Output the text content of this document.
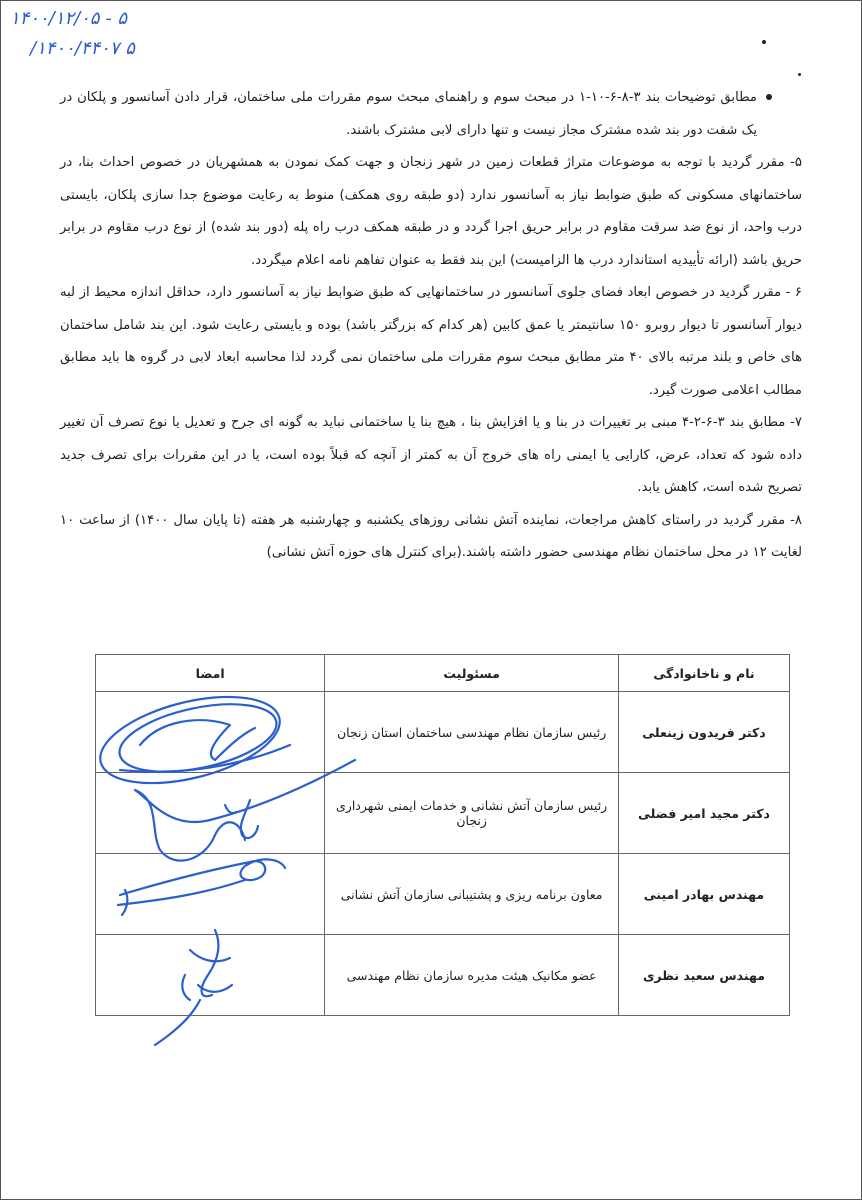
۱۴۰۰/۱۲/۰۵ - ۵
/۱۴۰۰/۴۴۰۷ ۵

مطابق توضیحات بند ۳-۸-۶-۱۰-۱ در مبحث سوم و راهنمای مبحث سوم مقررات ملی ساختمان، قرار دادن آسانسور و پلکان در یک شفت دور بند شده مشترک مجاز نیست و تنها دارای لابی مشترک باشند.

۵- مقرر گردید با توجه به موضوعات متراژ قطعات زمین در شهر زنجان و جهت کمک نمودن به همشهریان در خصوص احداث بنا، در ساختمانهای مسکونی که طبق ضوابط نیاز به آسانسور ندارد (دو طبقه روی همکف) منوط به رعایت موضوع جدا سازی پلکان، بایستی درب واحد، از نوع ضد سرقت مقاوم در برابر حریق اجرا گردد و در طبقه همکف درب راه پله (دور بند شده) از نوع درب مقاوم در برابر حریق باشد (ارائه تأییدیه استاندارد درب ها الزامیست) این بند فقط به عنوان تفاهم نامه اعلام میگردد.

۶ - مقرر گردید در خصوص ابعاد فضای جلوی آسانسور در ساختمانهایی که طبق ضوابط نیاز به آسانسور دارد، حداقل اندازه محیط از لبه دیوار آسانسور تا دیوار روبرو ۱۵۰ سانتیمتر یا عمق کابین (هر کدام که بزرگتر باشد) بوده و بایستی رعایت شود. این بند شامل ساختمان های خاص و بلند مرتبه بالای ۴۰ متر مطابق مبحث سوم مقررات ملی ساختمان نمی گردد لذا محاسبه ابعاد لابی در گروه ها باید مطابق مطالب اعلامی صورت گیرد.

۷- مطابق بند ۳-۶-۲-۴ مبنی بر تغییرات در بنا و یا افزایش بنا ، هیچ بنا یا ساختمانی نباید به گونه ای جرح و تعدیل یا نوع تصرف آن تغییر داده شود که تعداد، عرض، کارایی یا ایمنی راه های خروج آن به کمتر از آنچه که قبلاً بوده است، یا در این مقررات برای تصرف جدید تصریح شده است، کاهش یابد.

۸- مقرر گردید در راستای کاهش مراجعات، نماینده آتش نشانی روزهای یکشنبه و چهارشنبه هر هفته (تا پایان سال ۱۴۰۰) از ساعت ۱۰ لغایت ۱۲ در محل ساختمان نظام مهندسی حضور داشته باشند.(برای کنترل های حوزه آتش نشانی)

نام و ناخانوادگی	مسئولیت	امضا
دکتر فریدون زینعلی	رئیس سازمان نظام مهندسی ساختمان استان زنجان	
دکتر مجید امیر فضلی	رئیس سازمان آتش نشانی و خدمات ایمنی شهرداری زنجان	
مهندس بهادر امینی	معاون برنامه ریزی و پشتیبانی سازمان آتش نشانی	
مهندس سعید نظری	عضو مکانیک هیئت مدیره سازمان نظام مهندسی	
